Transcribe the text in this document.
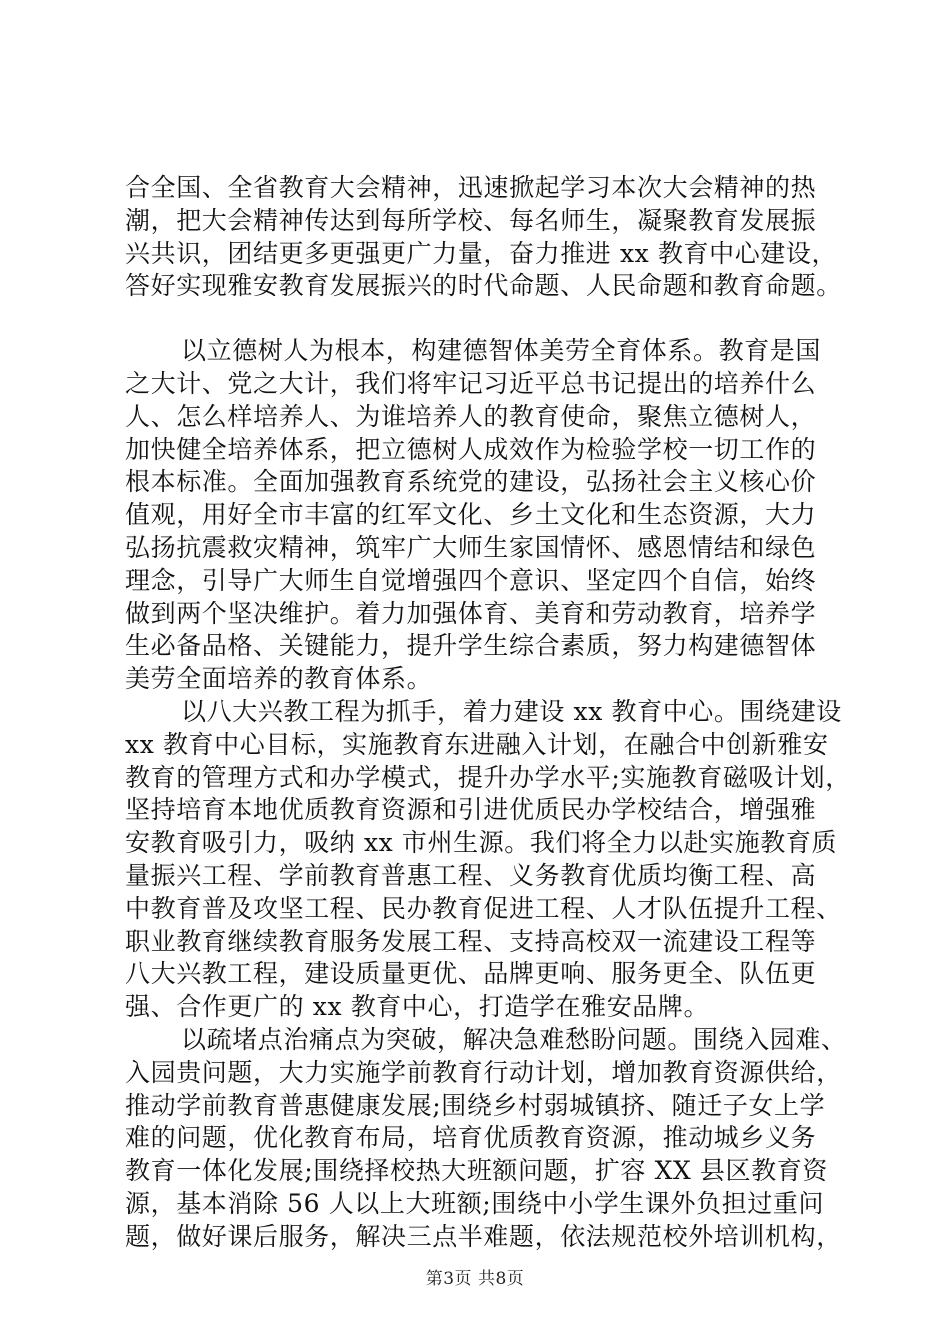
合全国、全省教育大会精神，迅速掀起学习本次大会精神的热
潮，把大会精神传达到每所学校、每名师生，凝聚教育发展振
兴共识，团结更多更强更广力量，奋力推进 xx 教育中心建设，
答好实现雅安教育发展振兴的时代命题、人民命题和教育命题。
以立德树人为根本，构建德智体美劳全育体系。教育是国
之大计、党之大计，我们将牢记习近平总书记提出的培养什么
人、怎么样培养人、为谁培养人的教育使命，聚焦立德树人，
加快健全培养体系，把立德树人成效作为检验学校一切工作的
根本标准。全面加强教育系统党的建设，弘扬社会主义核心价
值观，用好全市丰富的红军文化、乡土文化和生态资源，大力
弘扬抗震救灾精神，筑牢广大师生家国情怀、感恩情结和绿色
理念，引导广大师生自觉增强四个意识、坚定四个自信，始终
做到两个坚决维护。着力加强体育、美育和劳动教育，培养学
生必备品格、关键能力，提升学生综合素质，努力构建德智体
美劳全面培养的教育体系。
以八大兴教工程为抓手，着力建设 xx 教育中心。围绕建设
xx 教育中心目标，实施教育东进融入计划，在融合中创新雅安
教育的管理方式和办学模式，提升办学水平;实施教育磁吸计划，
坚持培育本地优质教育资源和引进优质民办学校结合，增强雅
安教育吸引力，吸纳 xx 市州生源。我们将全力以赴实施教育质
量振兴工程、学前教育普惠工程、义务教育优质均衡工程、高
中教育普及攻坚工程、民办教育促进工程、人才队伍提升工程、
职业教育继续教育服务发展工程、支持高校双一流建设工程等
八大兴教工程，建设质量更优、品牌更响、服务更全、队伍更
强、合作更广的 xx 教育中心，打造学在雅安品牌。
以疏堵点治痛点为突破，解决急难愁盼问题。围绕入园难、
入园贵问题，大力实施学前教育行动计划，增加教育资源供给，
推动学前教育普惠健康发展;围绕乡村弱城镇挤、随迁子女上学
难的问题，优化教育布局，培育优质教育资源，推动城乡义务
教育一体化发展;围绕择校热大班额问题，扩容 XX 县区教育资
源，基本消除 56 人以上大班额;围绕中小学生课外负担过重问
题，做好课后服务，解决三点半难题，依法规范校外培训机构，
第3页 共8页
